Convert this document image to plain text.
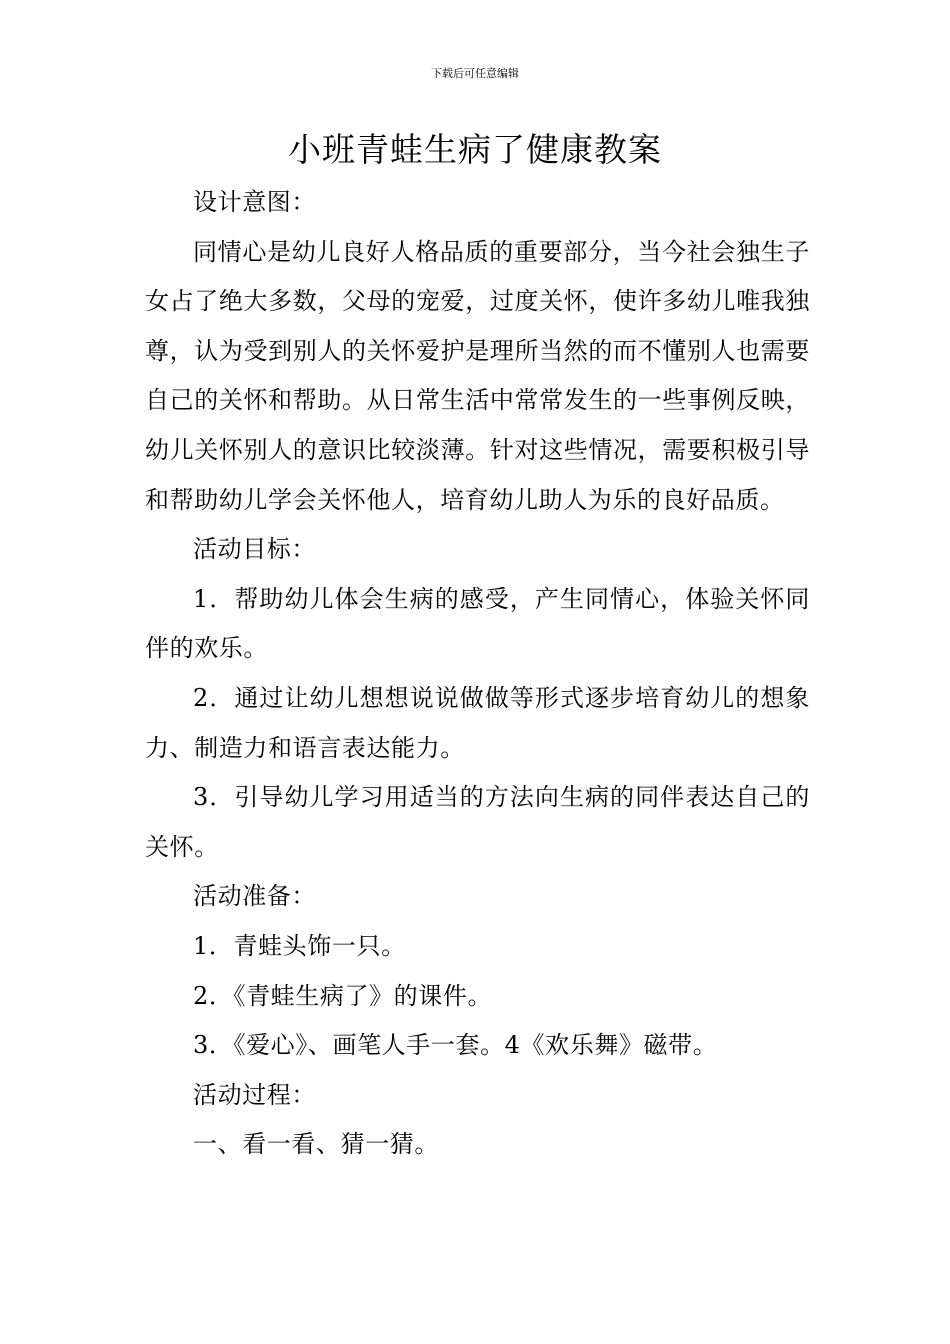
下载后可任意编辑
小班青蛙生病了健康教案

设计意图：

同情心是幼儿良好人格品质的重要部分，当今社会独生子女占了绝大多数，父母的宠爱，过度关怀，使许多幼儿唯我独尊，认为受到别人的关怀爱护是理所当然的而不懂别人也需要自己的关怀和帮助。从日常生活中常常发生的一些事例反映，幼儿关怀别人的意识比较淡薄。针对这些情况，需要积极引导和帮助幼儿学会关怀他人，培育幼儿助人为乐的良好品质。

活动目标：

1．帮助幼儿体会生病的感受，产生同情心，体验关怀同伴的欢乐。

2．通过让幼儿想想说说做做等形式逐步培育幼儿的想象力、制造力和语言表达能力。

3．引导幼儿学习用适当的方法向生病的同伴表达自己的关怀。

活动准备：

1．青蛙头饰一只。

2．《青蛙生病了》的课件。

3．《爱心》、画笔人手一套。4《欢乐舞》磁带。

活动过程：

一、看一看、猜一猜。
